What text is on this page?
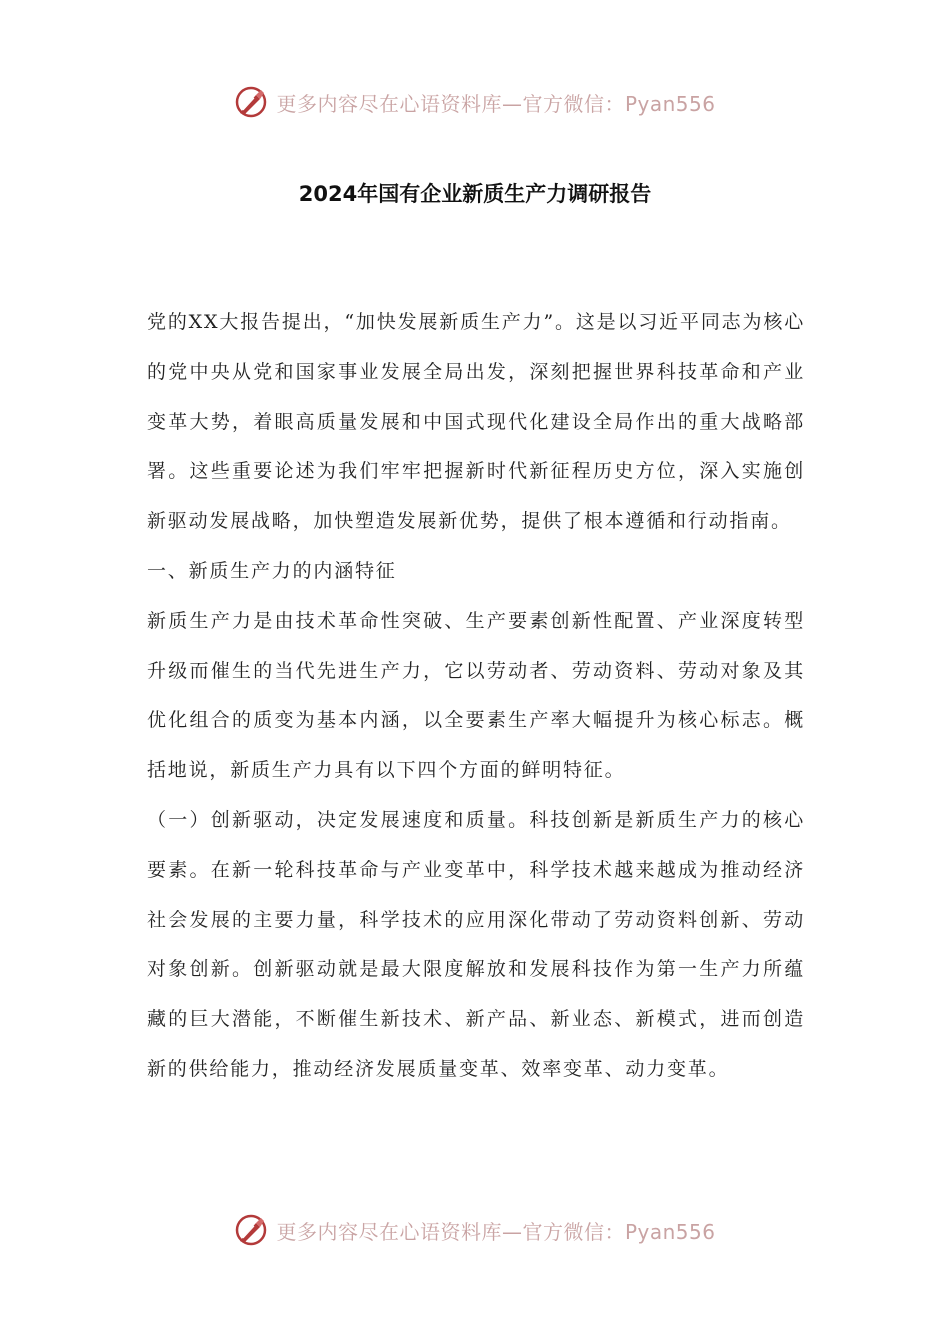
更多内容尽在心语资料库—官方微信：Pyan556
2024年国有企业新质生产力调研报告

党的XX大报告提出，“加快发展新质生产力”。这是以习近平同志为核心的党中央从党和国家事业发展全局出发，深刻把握世界科技革命和产业变革大势，着眼高质量发展和中国式现代化建设全局作出的重大战略部署。这些重要论述为我们牢牢把握新时代新征程历史方位，深入实施创新驱动发展战略，加快塑造发展新优势，提供了根本遵循和行动指南。

一、新质生产力的内涵特征

新质生产力是由技术革命性突破、生产要素创新性配置、产业深度转型升级而催生的当代先进生产力，它以劳动者、劳动资料、劳动对象及其优化组合的质变为基本内涵，以全要素生产率大幅提升为核心标志。概括地说，新质生产力具有以下四个方面的鲜明特征。

（一）创新驱动，决定发展速度和质量。科技创新是新质生产力的核心要素。在新一轮科技革命与产业变革中，科学技术越来越成为推动经济社会发展的主要力量，科学技术的应用深化带动了劳动资料创新、劳动对象创新。创新驱动就是最大限度解放和发展科技作为第一生产力所蕴藏的巨大潜能，不断催生新技术、新产品、新业态、新模式，进而创造新的供给能力，推动经济发展质量变革、效率变革、动力变革。

更多内容尽在心语资料库—官方微信：Pyan556
